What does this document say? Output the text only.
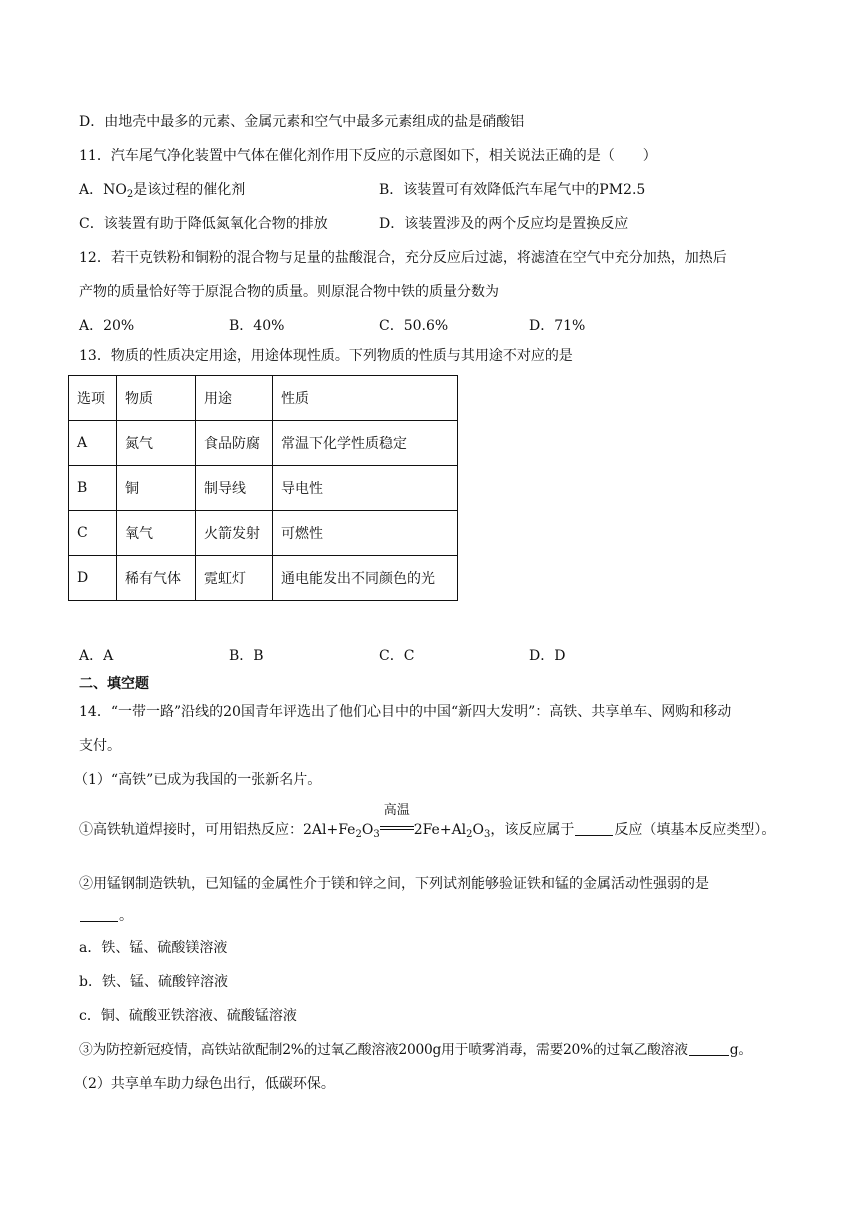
D．由地壳中最多的元素、金属元素和空气中最多元素组成的盐是硝酸铝
11．汽车尾气净化装置中气体在催化剂作用下反应的示意图如下，相关说法正确的是（　　）
A．$NO_2$是该过程的催化剂	B．该装置可有效降低汽车尾气中的PM2.5
C．该装置有助于降低氮氧化合物的排放	D．该装置涉及的两个反应均是置换反应
12．若干克铁粉和铜粉的混合物与足量的盐酸混合，充分反应后过滤，将滤渣在空气中充分加热，加热后
产物的质量恰好等于原混合物的质量。则原混合物中铁的质量分数为
A．20%	B．40%	C．50.6%	D．71%
13．物质的性质决定用途，用途体现性质。下列物质的性质与其用途不对应的是
选项	物质	用途	性质
A	氮气	食品防腐	常温下化学性质稳定
B	铜	制导线	导电性
C	氧气	火箭发射	可燃性
D	稀有气体	霓虹灯	通电能发出不同颜色的光
A．A	B．B	C．C	D．D
二、填空题
14．“一带一路”沿线的20国青年评选出了他们心目中的中国“新四大发明”：高铁、共享单车、网购和移动
支付。
（1）“高铁”已成为我国的一张新名片。
①高铁轨道焊接时，可用铝热反应：$2Al+Fe_2O_3$
高温
$2Fe+Al_2O_3$，该反应属于	反应（填基本反应类型）。
②用锰钢制造铁轨，已知锰的金属性介于镁和锌之间，下列试剂能够验证铁和锰的金属活动性强弱的是
。
a．铁、锰、硫酸镁溶液
b．铁、锰、硫酸锌溶液
c．铜、硫酸亚铁溶液、硫酸锰溶液
③为防控新冠疫情，高铁站欲配制2%的过氧乙酸溶液2000g用于喷雾消毒，需要20%的过氧乙酸溶液	g。
（2）共享单车助力绿色出行，低碳环保。
